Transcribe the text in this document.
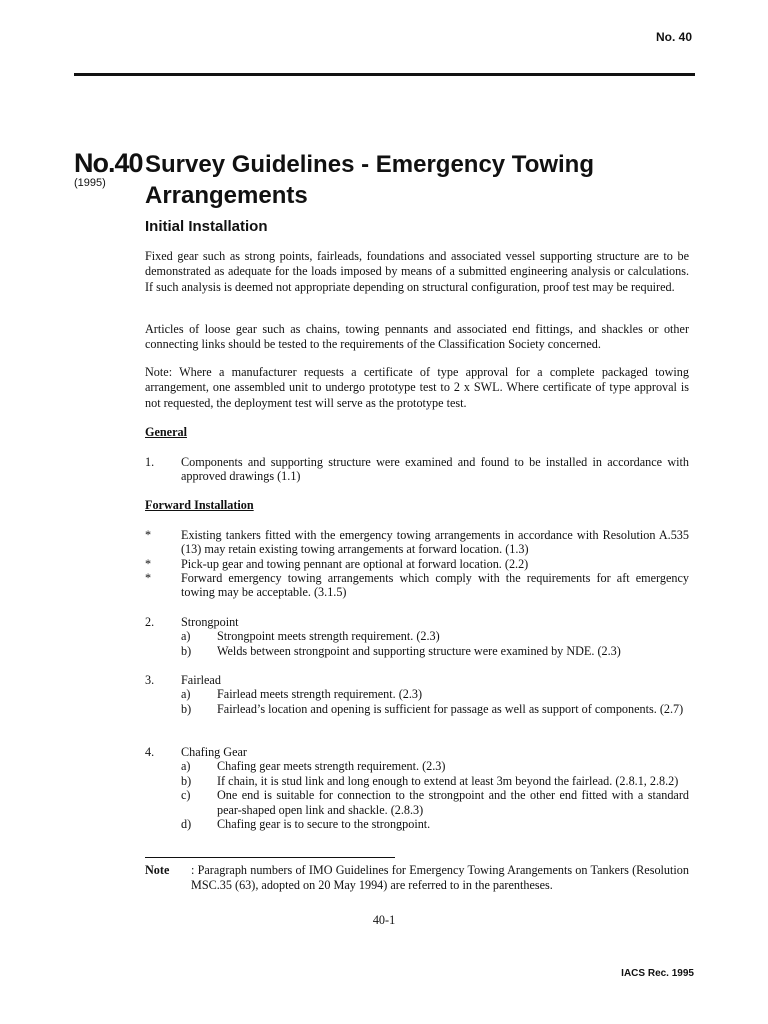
No. 40
No.40
(1995)
Survey Guidelines - Emergency Towing Arrangements
Initial Installation
Fixed gear such as strong points, fairleads, foundations and associated vessel supporting structure are to be demonstrated as adequate for the loads imposed by means of a submitted engineering analysis or calculations. If such analysis is deemed not appropriate depending on structural configuration, proof test may be required.
Articles of loose gear such as chains, towing pennants and associated end fittings, and shackles or other connecting links should be tested to the requirements of the Classification Society concerned.
Note: Where a manufacturer requests a certificate of type approval for a complete packaged towing arrangement, one assembled unit to undergo prototype test to 2 x SWL. Where certificate of type approval is not requested, the deployment test will serve as the prototype test.
General
1. Components and supporting structure were examined and found to be installed in accordance with approved drawings (1.1)
Forward Installation
* Existing tankers fitted with the emergency towing arrangements in accordance with Resolution A.535 (13) may retain existing towing arrangements at forward location. (1.3)
* Pick-up gear and towing pennant are optional at forward location. (2.2)
* Forward emergency towing arrangements which comply with the requirements for aft emergency towing may be acceptable. (3.1.5)
2. Strongpoint
a) Strongpoint meets strength requirement. (2.3)
b) Welds between strongpoint and supporting structure were examined by NDE. (2.3)
3. Fairlead
a) Fairlead meets strength requirement. (2.3)
b) Fairlead’s location and opening is sufficient for passage as well as support of components. (2.7)
4. Chafing Gear
a) Chafing gear meets strength requirement. (2.3)
b) If chain, it is stud link and long enough to extend at least 3m beyond the fairlead. (2.8.1, 2.8.2)
c) One end is suitable for connection to the strongpoint and the other end fitted with a standard pear-shaped open link and shackle. (2.8.3)
d) Chafing gear is to secure to the strongpoint.
Note : Paragraph numbers of IMO Guidelines for Emergency Towing Arangements on Tankers (Resolution MSC.35 (63), adopted on 20 May 1994) are referred to in the parentheses.
40-1
IACS Rec. 1995
